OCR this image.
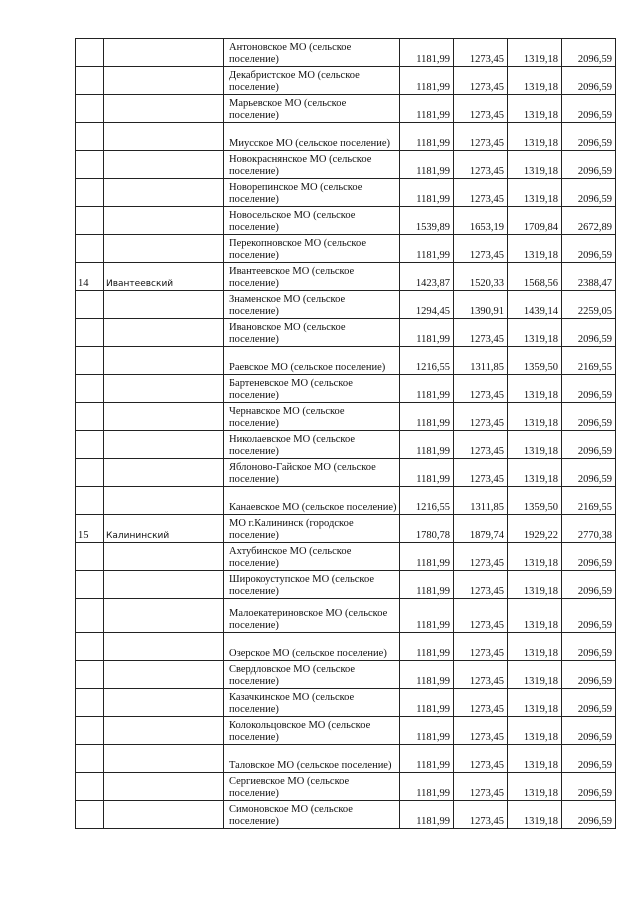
		Антоновское МО (сельское поселение)	1181,99	1273,45	1319,18	2096,59
		Декабристское МО (сельское поселение)	1181,99	1273,45	1319,18	2096,59
		Марьевское МО (сельское поселение)	1181,99	1273,45	1319,18	2096,59
		Миусское МО (сельское поселение)	1181,99	1273,45	1319,18	2096,59
		Новокраснянское МО (сельское поселение)	1181,99	1273,45	1319,18	2096,59
		Новорепинское МО (сельское поселение)	1181,99	1273,45	1319,18	2096,59
		Новосельское МО (сельское поселение)	1539,89	1653,19	1709,84	2672,89
		Перекопновское МО (сельское поселение)	1181,99	1273,45	1319,18	2096,59
14	Ивантеевский	Ивантеевское МО (сельское поселение)	1423,87	1520,33	1568,56	2388,47
		Знаменское МО (сельское поселение)	1294,45	1390,91	1439,14	2259,05
		Ивановское МО (сельское поселение)	1181,99	1273,45	1319,18	2096,59
		Раевское МО (сельское поселение)	1216,55	1311,85	1359,50	2169,55
		Бартеневское МО (сельское поселение)	1181,99	1273,45	1319,18	2096,59
		Чернавское МО (сельское поселение)	1181,99	1273,45	1319,18	2096,59
		Николаевское МО (сельское поселение)	1181,99	1273,45	1319,18	2096,59
		Яблоново-Гайское МО (сельское поселение)	1181,99	1273,45	1319,18	2096,59
		Канаевское МО (сельское поселение)	1216,55	1311,85	1359,50	2169,55
15	Калининский	МО г.Калининск (городское поселение)	1780,78	1879,74	1929,22	2770,38
		Ахтубинское МО (сельское поселение)	1181,99	1273,45	1319,18	2096,59
		Широкоуступское МО (сельское поселение)	1181,99	1273,45	1319,18	2096,59
		Малоекатериновское МО (сельское поселение)	1181,99	1273,45	1319,18	2096,59
		Озерское МО (сельское поселение)	1181,99	1273,45	1319,18	2096,59
		Свердловское МО (сельское поселение)	1181,99	1273,45	1319,18	2096,59
		Казачкинское МО (сельское поселение)	1181,99	1273,45	1319,18	2096,59
		Колокольцовское МО (сельское поселение)	1181,99	1273,45	1319,18	2096,59
		Таловское МО (сельское поселение)	1181,99	1273,45	1319,18	2096,59
		Сергиевское МО (сельское поселение)	1181,99	1273,45	1319,18	2096,59
		Симоновское МО (сельское поселение)	1181,99	1273,45	1319,18	2096,59
